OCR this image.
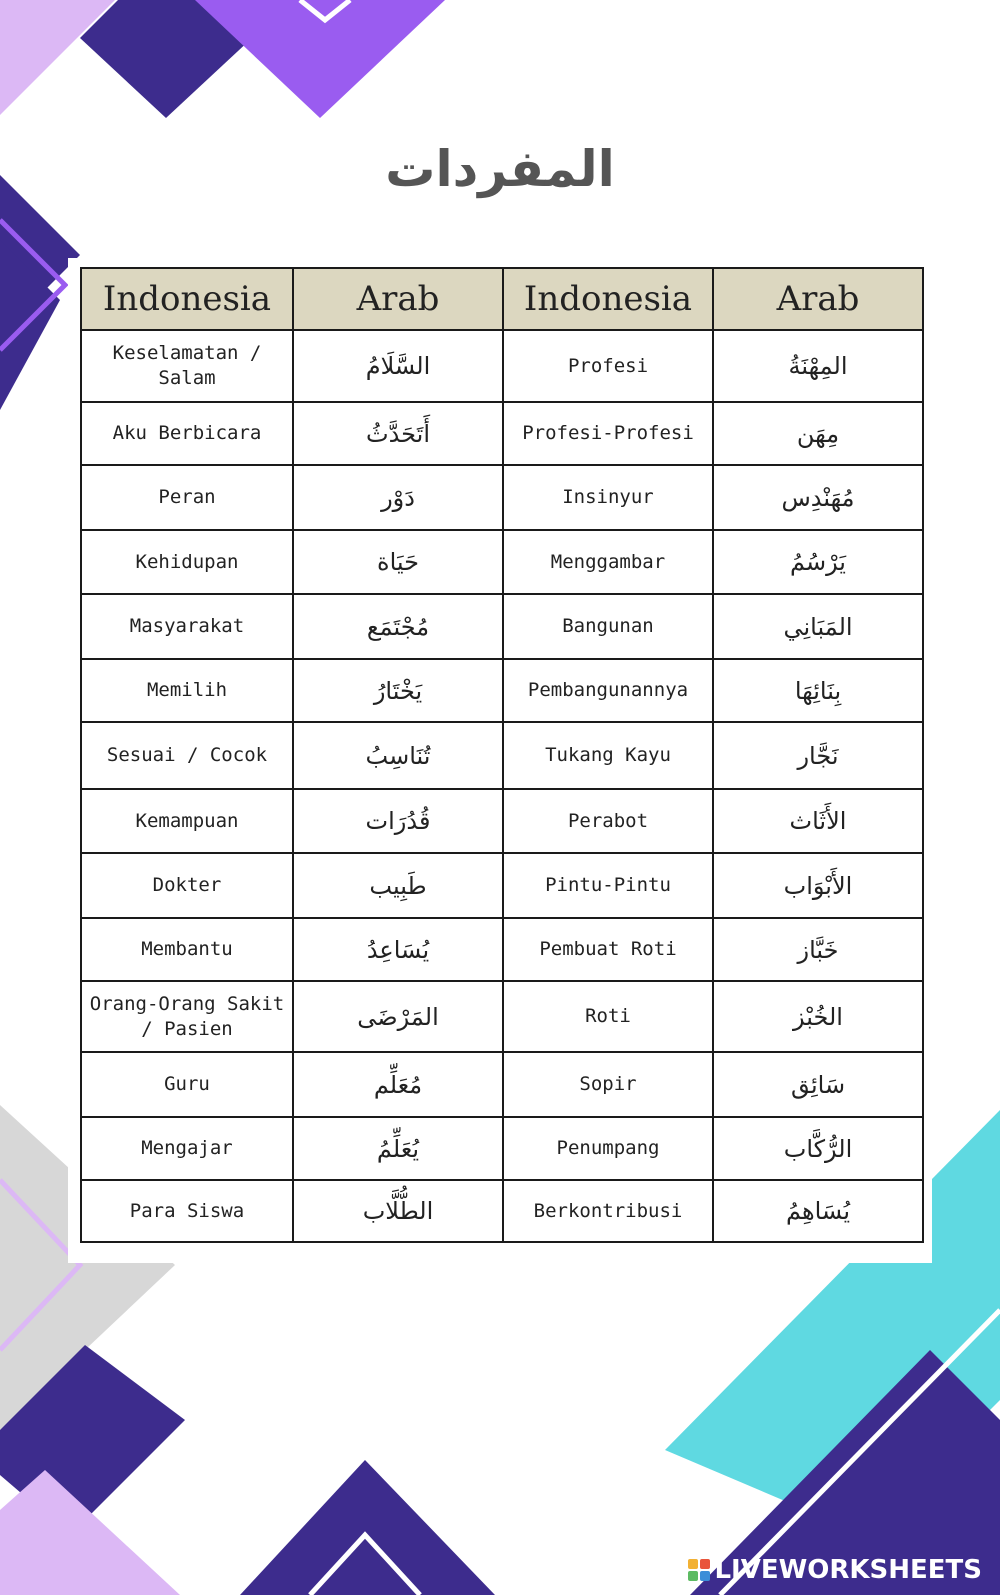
المفردات
Indonesia	Arab	Indonesia	Arab
Keselamatan / Salam	السَّلَامُ	Profesi	المِهْنَةُ
Aku Berbicara	أَتَحَدَّثُ	Profesi-Profesi	مِهَن
Peran	دَوْر	Insinyur	مُهَنْدِس
Kehidupan	حَيَاة	Menggambar	يَرْسُمُ
Masyarakat	مُجْتَمَع	Bangunan	المَبَانِي
Memilih	يَخْتَارُ	Pembangunannya	بِنَائِهَا
Sesuai / Cocok	تُنَاسِبُ	Tukang Kayu	نَجَّار
Kemampuan	قُدُرَات	Perabot	الأَثَاث
Dokter	طَبِيب	Pintu-Pintu	الأَبْوَاب
Membantu	يُسَاعِدُ	Pembuat Roti	خَبَّاز
Orang-Orang Sakit / Pasien	المَرْضَى	Roti	الخُبْز
Guru	مُعَلِّم	Sopir	سَائِق
Mengajar	يُعَلِّمُ	Penumpang	الرُّكَّاب
Para Siswa	الطُّلَّاب	Berkontribusi	يُسَاهِمُ
LIVEWORKSHEETS
